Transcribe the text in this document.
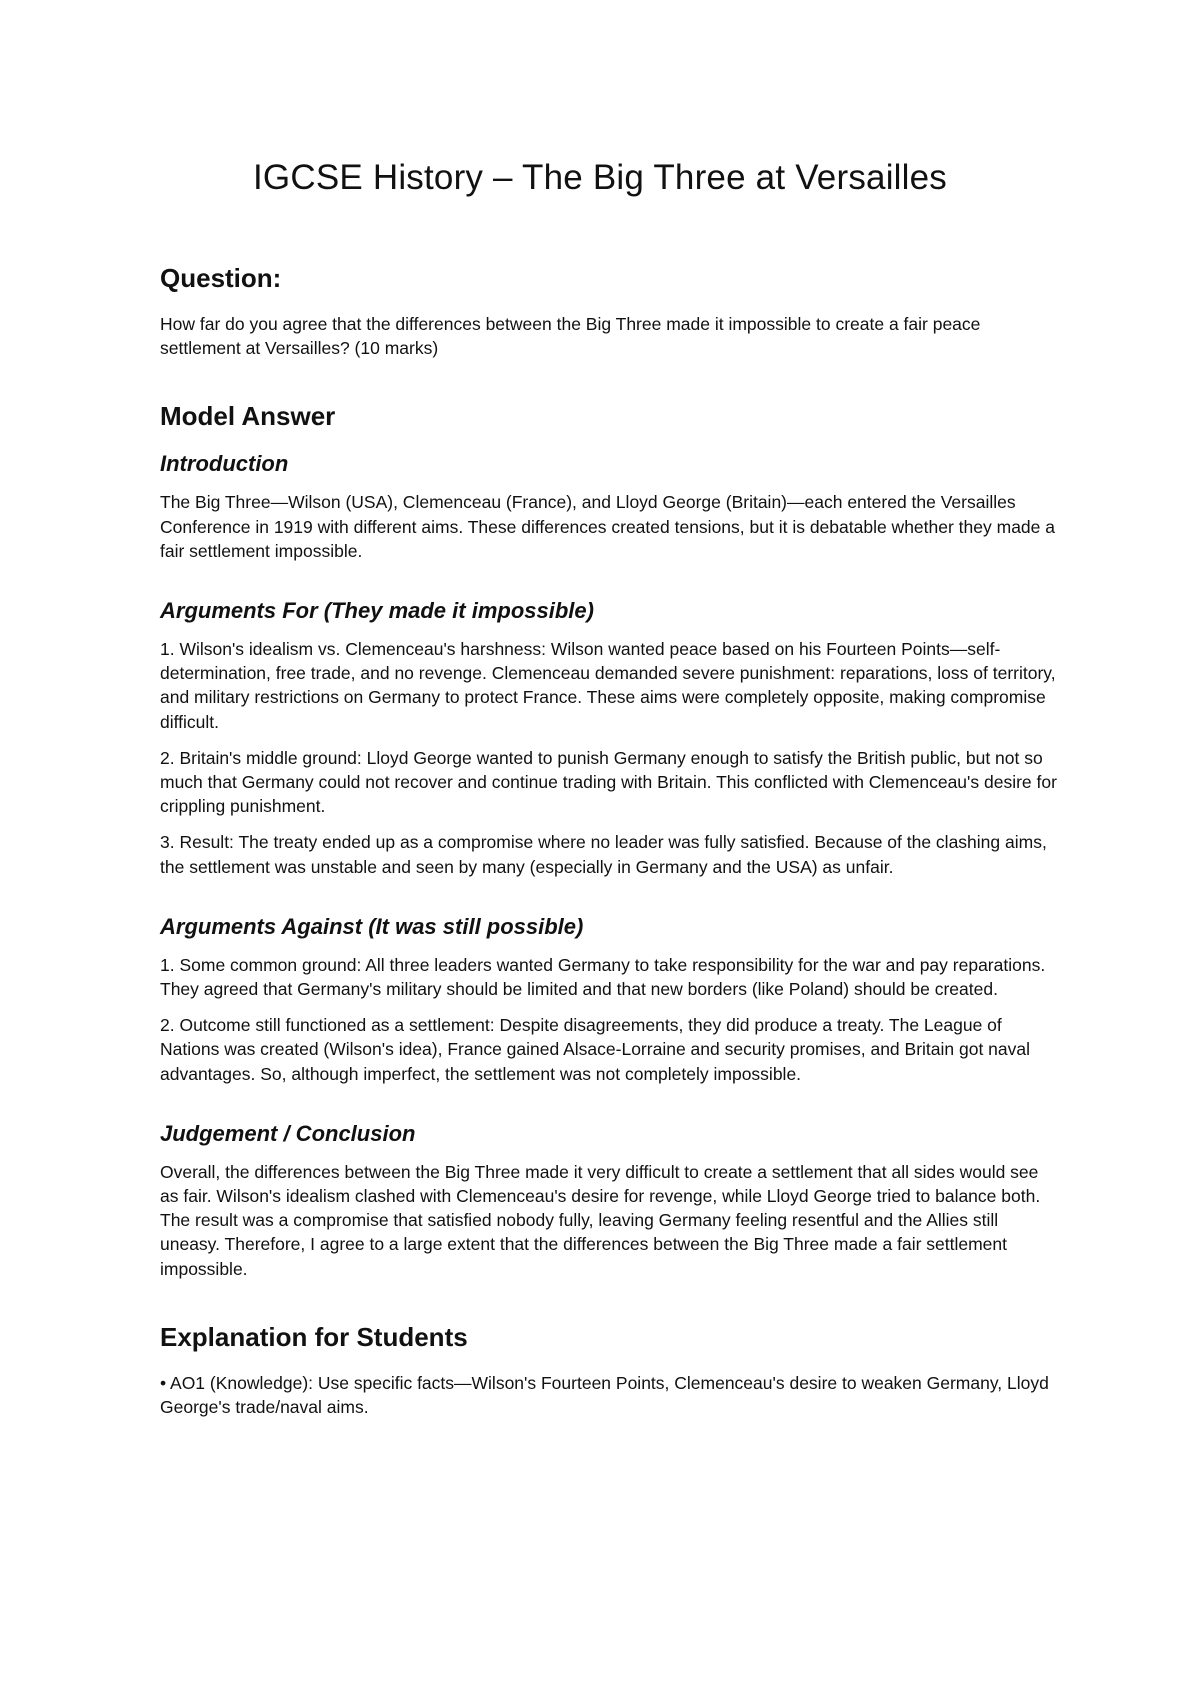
IGCSE History – The Big Three at Versailles
Question:

How far do you agree that the differences between the Big Three made it impossible to create a fair peace settlement at Versailles? (10 marks)

Model Answer
Introduction

The Big Three—Wilson (USA), Clemenceau (France), and Lloyd George (Britain)—each entered the Versailles Conference in 1919 with different aims. These differences created tensions, but it is debatable whether they made a fair settlement impossible.

Arguments For (They made it impossible)

1. Wilson's idealism vs. Clemenceau's harshness: Wilson wanted peace based on his Fourteen Points—self-determination, free trade, and no revenge. Clemenceau demanded severe punishment: reparations, loss of territory, and military restrictions on Germany to protect France. These aims were completely opposite, making compromise difficult.

2. Britain's middle ground: Lloyd George wanted to punish Germany enough to satisfy the British public, but not so much that Germany could not recover and continue trading with Britain. This conflicted with Clemenceau's desire for crippling punishment.

3. Result: The treaty ended up as a compromise where no leader was fully satisfied. Because of the clashing aims, the settlement was unstable and seen by many (especially in Germany and the USA) as unfair.

Arguments Against (It was still possible)

1. Some common ground: All three leaders wanted Germany to take responsibility for the war and pay reparations. They agreed that Germany's military should be limited and that new borders (like Poland) should be created.

2. Outcome still functioned as a settlement: Despite disagreements, they did produce a treaty. The League of Nations was created (Wilson's idea), France gained Alsace-Lorraine and security promises, and Britain got naval advantages. So, although imperfect, the settlement was not completely impossible.

Judgement / Conclusion

Overall, the differences between the Big Three made it very difficult to create a settlement that all sides would see as fair. Wilson's idealism clashed with Clemenceau's desire for revenge, while Lloyd George tried to balance both. The result was a compromise that satisfied nobody fully, leaving Germany feeling resentful and the Allies still uneasy. Therefore, I agree to a large extent that the differences between the Big Three made a fair settlement impossible.

Explanation for Students

• AO1 (Knowledge): Use specific facts—Wilson's Fourteen Points, Clemenceau's desire to weaken Germany, Lloyd George's trade/naval aims.
